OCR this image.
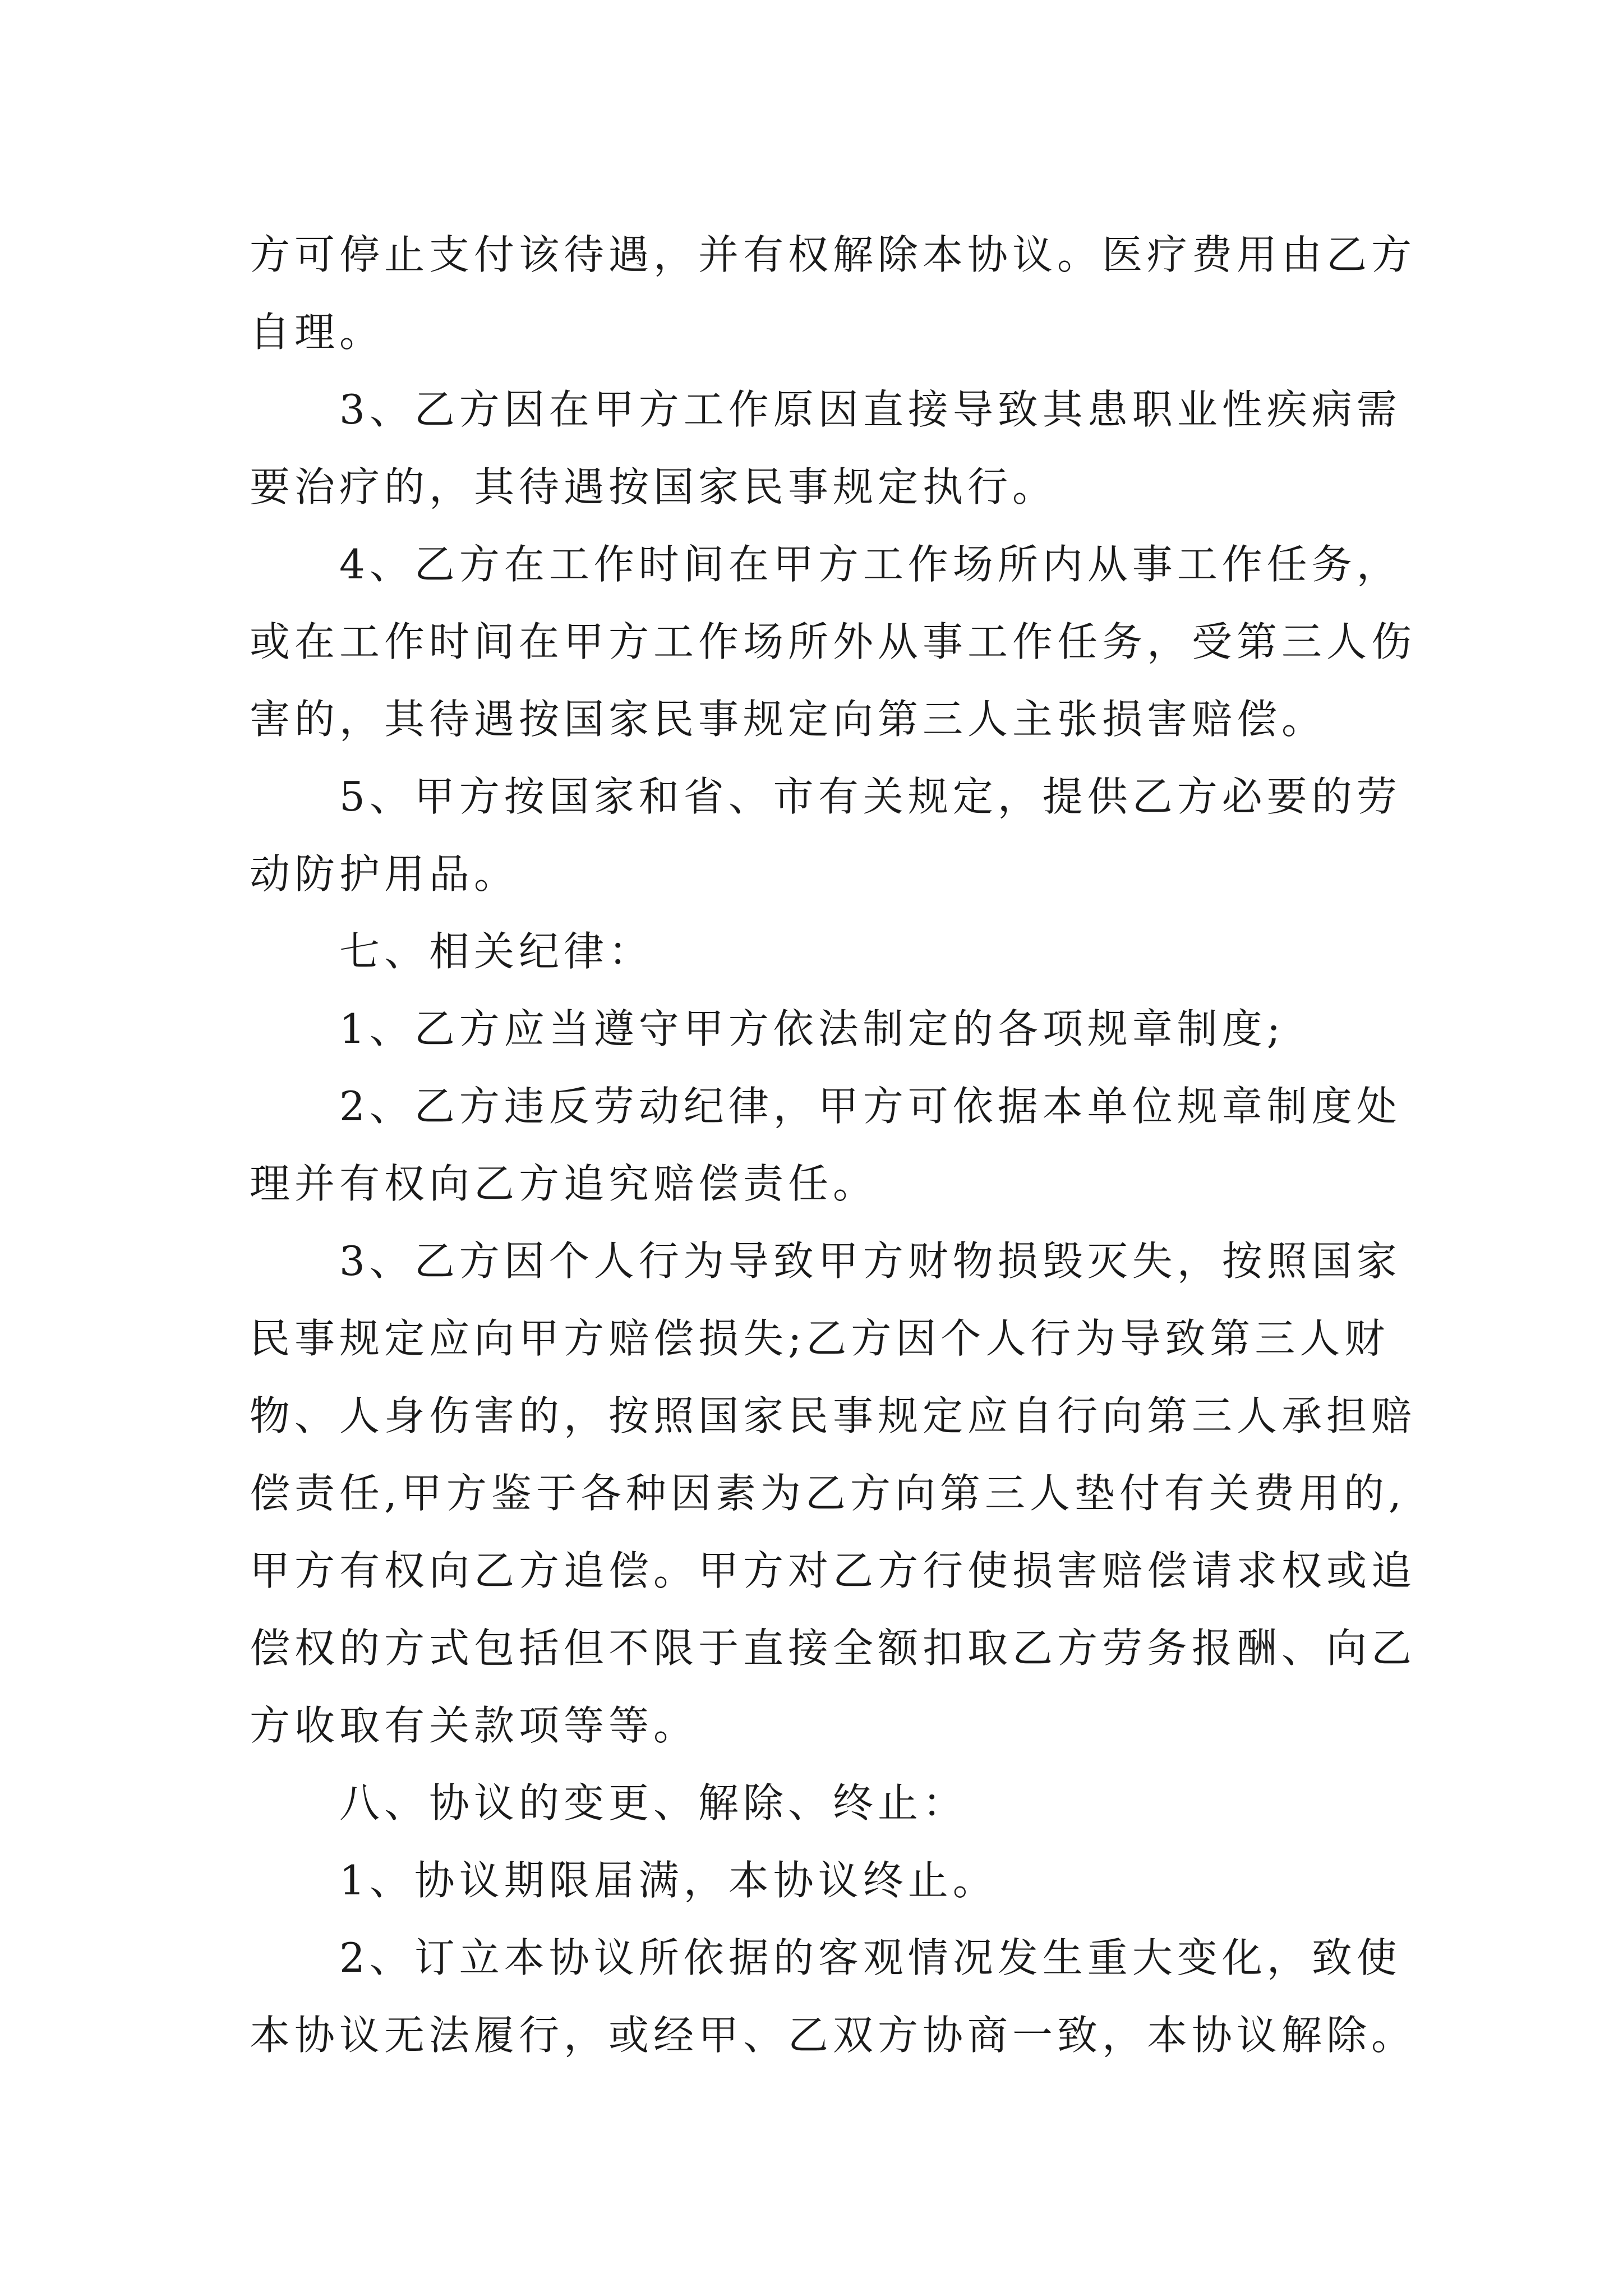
方可停止支付该待遇，并有权解除本协议。医疗费用由乙方
自理。
3、乙方因在甲方工作原因直接导致其患职业性疾病需
要治疗的，其待遇按国家民事规定执行。
4、乙方在工作时间在甲方工作场所内从事工作任务，
或在工作时间在甲方工作场所外从事工作任务，受第三人伤
害的，其待遇按国家民事规定向第三人主张损害赔偿。
5、甲方按国家和省、市有关规定，提供乙方必要的劳
动防护用品。
七、相关纪律：
1、乙方应当遵守甲方依法制定的各项规章制度;
2、乙方违反劳动纪律，甲方可依据本单位规章制度处
理并有权向乙方追究赔偿责任。
3、乙方因个人行为导致甲方财物损毁灭失，按照国家
民事规定应向甲方赔偿损失;乙方因个人行为导致第三人财
物、人身伤害的，按照国家民事规定应自行向第三人承担赔
偿责任,甲方鉴于各种因素为乙方向第三人垫付有关费用的,
甲方有权向乙方追偿。甲方对乙方行使损害赔偿请求权或追
偿权的方式包括但不限于直接全额扣取乙方劳务报酬、向乙
方收取有关款项等等。
八、协议的变更、解除、终止：
1、协议期限届满，本协议终止。
2、订立本协议所依据的客观情况发生重大变化，致使
本协议无法履行，或经甲、乙双方协商一致，本协议解除。
